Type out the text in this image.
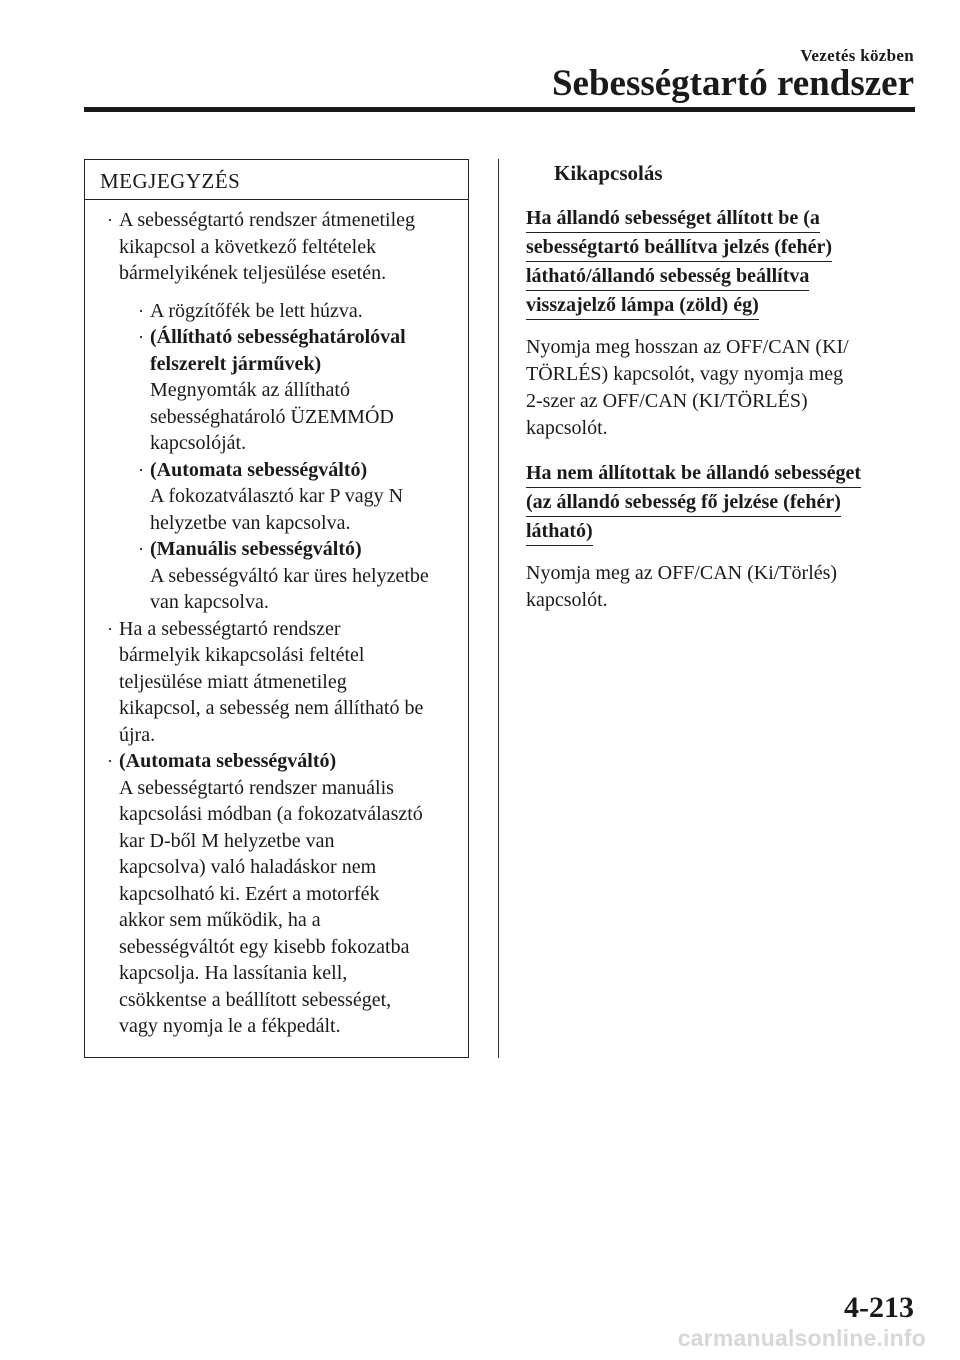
Vezetés közben
Sebességtartó rendszer
MEGJEGYZÉS
· A sebességtartó rendszer átmenetileg
kikapcsol a következő feltételek
bármelyikének teljesülése esetén.
· A rögzítőfék be lett húzva.
· (Állítható sebességhatárolóval
felszerelt járművek)
Megnyomták az állítható
sebességhatároló ÜZEMMÓD
kapcsolóját.
· (Automata sebességváltó)
A fokozatválasztó kar P vagy N
helyzetbe van kapcsolva.
· (Manuális sebességváltó)
A sebességváltó kar üres helyzetbe
van kapcsolva.
· Ha a sebességtartó rendszer
bármelyik kikapcsolási feltétel
teljesülése miatt átmenetileg
kikapcsol, a sebesség nem állítható be
újra.
· (Automata sebességváltó)
A sebességtartó rendszer manuális
kapcsolási módban (a fokozatválasztó
kar D-ből M helyzetbe van
kapcsolva) való haladáskor nem
kapcsolható ki. Ezért a motorfék
akkor sem működik, ha a
sebességváltót egy kisebb fokozatba
kapcsolja. Ha lassítania kell,
csökkentse a beállított sebességet,
vagy nyomja le a fékpedált.
Kikapcsolás
Ha állandó sebességet állított be (a
sebességtartó beállítva jelzés (fehér)
látható/állandó sebesség beállítva
visszajelző lámpa (zöld) ég)
Nyomja meg hosszan az OFF/CAN (KI/
TÖRLÉS) kapcsolót, vagy nyomja meg
2-szer az OFF/CAN (KI/TÖRLÉS)
kapcsolót.
Ha nem állítottak be állandó sebességet
(az állandó sebesség fő jelzése (fehér)
látható)
Nyomja meg az OFF/CAN (Ki/Törlés)
kapcsolót.
4-213
carmanualsonline.info
